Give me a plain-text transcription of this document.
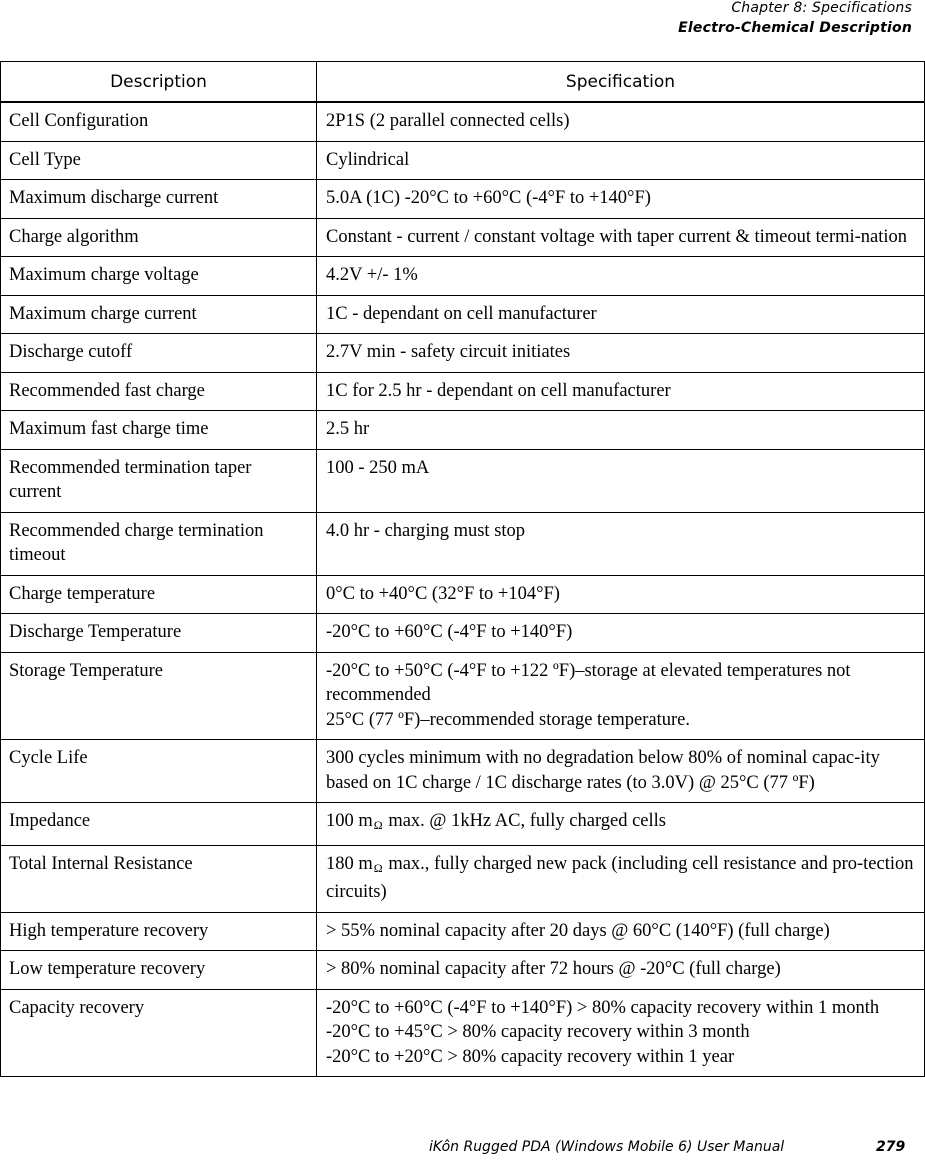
Chapter 8: Specifications
Electro-Chemical Description
Description	Specification
Cell Configuration	2P1S (2 parallel connected cells)

Cell Type	Cylindrical

Maximum discharge current	5.0A (1C) -20°C to +60°C (-4°F to +140°F)

Charge algorithm	Constant - current / constant voltage with taper current & timeout termi-nation

Maximum charge voltage	4.2V +/- 1%

Maximum charge current	1C - dependant on cell manufacturer

Discharge cutoff	2.7V min - safety circuit initiates

Recommended fast charge	1C for 2.5 hr - dependant on cell manufacturer

Maximum fast charge time	2.5 hr

Recommended termination taper current	100 - 250 mA

Recommended charge termination timeout	4.0 hr - charging must stop

Charge temperature	0°C to +40°C (32°F to +104°F)

Discharge Temperature	-20°C to +60°C (-4°F to +140°F)

Storage Temperature	-20°C to +50°C (-4°F to +122 ºF)–storage at elevated temperatures not recommended
25°C (77 ºF)–recommended storage temperature.

Cycle Life	300 cycles minimum with no degradation below 80% of nominal capac-ity based on 1C charge / 1C discharge rates (to 3.0V) @ 25°C (77 ºF)

Impedance	100 mΩ max. @ 1kHz AC, fully charged cells

Total Internal Resistance	180 mΩ max., fully charged new pack (including cell resistance and pro-tection circuits)

High temperature recovery	> 55% nominal capacity after 20 days @ 60°C (140°F) (full charge)

Low temperature recovery	> 80% nominal capacity after 72 hours @ -20°C (full charge)

Capacity recovery	-20°C to +60°C (-4°F to +140°F) > 80% capacity recovery within 1 month
-20°C to +45°C > 80% capacity recovery within 3 month
-20°C to +20°C > 80% capacity recovery within 1 year
iKôn Rugged PDA (Windows Mobile 6) User Manual	279
